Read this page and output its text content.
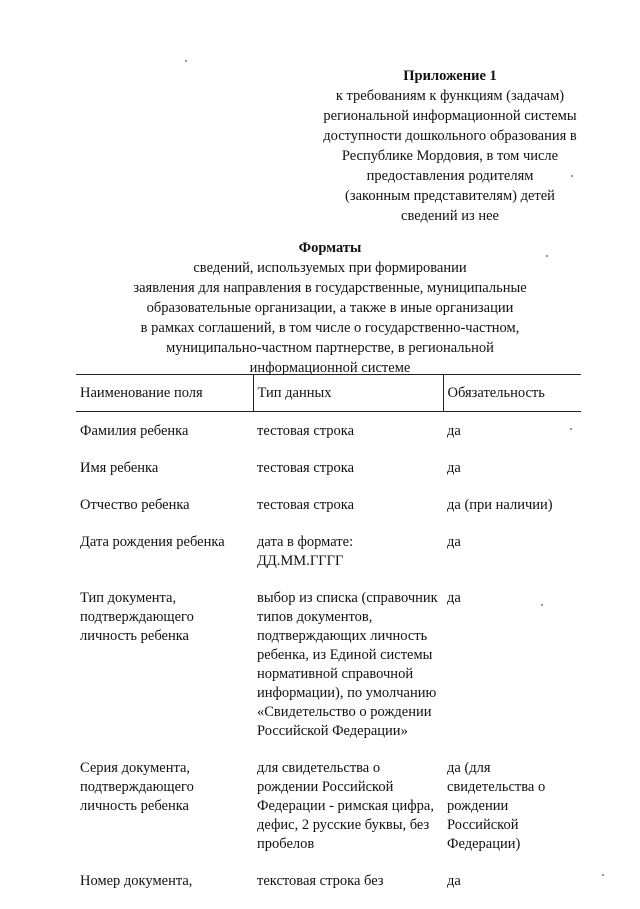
Приложение 1
к требованиям к функциям (задачам)
региональной информационной системы
доступности дошкольного образования в
Республике Мордовия, в том числе
предоставления родителям
(законным представителям) детей
сведений из нее
Форматы
сведений, используемых при формировании
заявления для направления в государственные, муниципальные
образовательные организации, а также в иные организации
в рамках соглашений, в том числе о государственно-частном,
муниципально-частном партнерстве, в региональной
информационной системе
Наименование поля	Тип данных	Обязательность
Фамилия ребенка	тестовая строка	да
Имя ребенка	тестовая строка	да
Отчество ребенка	тестовая строка	да (при наличии)
Дата рождения ребенка	дата в формате: ДД.ММ.ГГГГ	да
Тип документа, подтверждающего личность ребенка	выбор из списка (справочник типов документов, подтверждающих личность ребенка, из Единой системы нормативной справочной информации), по умолчанию «Свидетельство о рождении Российской Федерации»	да
Серия документа, подтверждающего личность ребенка	для свидетельства о рождении Российской Федерации - римская цифра, дефис, 2 русские буквы, без пробелов	да (для свидетельства о рождении Российской Федерации)
Номер документа,	текстовая строка без	да
